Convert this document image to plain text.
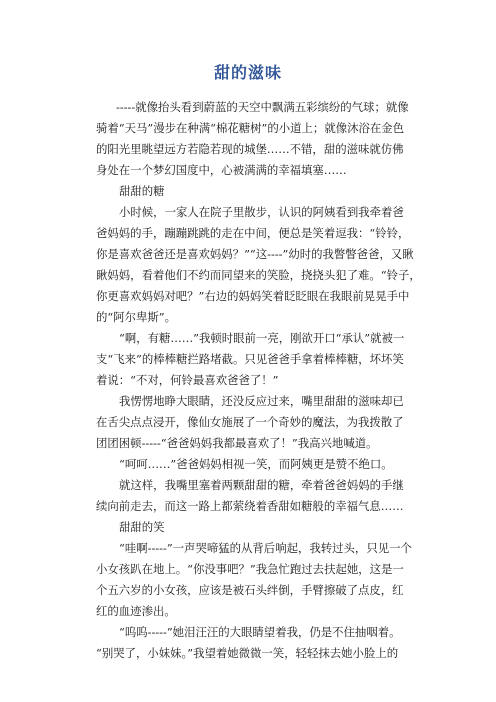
甜的滋味
-----就像抬头看到蔚蓝的天空中飘满五彩缤纷的气球；就像
骑着“天马”漫步在种满“棉花糖树”的小道上；就像沐浴在金色
的阳光里眺望远方若隐若现的城堡……不错，甜的滋味就仿佛
身处在一个梦幻国度中，心被满满的幸福填塞……
甜甜的糖
小时候，一家人在院子里散步，认识的阿姨看到我牵着爸
爸妈妈的手，蹦蹦跳跳的走在中间，便总是笑着逗我：“铃铃，
你是喜欢爸爸还是喜欢妈妈？”“这----”幼时的我瞥瞥爸爸，又瞅
瞅妈妈，看着他们不约而同望来的笑脸，挠挠头犯了难。“铃子，
你更喜欢妈妈对吧？”右边的妈妈笑着眨眨眼在我眼前晃晃手中
的“阿尔卑斯”。
“啊，有糖……”我顿时眼前一亮，刚欲开口“承认”就被一
支“飞来”的棒棒糖拦路堵截。只见爸爸手拿着棒棒糖，坏坏笑
着说：“不对，何铃最喜欢爸爸了！”
我愣愣地睁大眼睛，还没反应过来，嘴里甜甜的滋味却已
在舌尖点点浸开，像仙女施展了一个奇妙的魔法，为我拨散了
团团困顿-----“爸爸妈妈我都最喜欢了！”我高兴地喊道。
“呵呵……”爸爸妈妈相视一笑，而阿姨更是赞不绝口。
就这样，我嘴里塞着两颗甜甜的糖，牵着爸爸妈妈的手继
续向前走去，而这一路上都萦绕着香甜如糖般的幸福气息……
甜甜的笑
“哇啊-----”一声哭啼猛的从背后响起，我转过头，只见一个
小女孩趴在地上。“你没事吧？”我急忙跑过去扶起她，这是一
个五六岁的小女孩，应该是被石头绊倒，手臂擦破了点皮，红
红的血迹渗出。
“呜呜-----”她泪汪汪的大眼睛望着我，仍是不住抽咽着。
“别哭了，小妹妹。”我望着她微微一笑，轻轻抹去她小脸上的
